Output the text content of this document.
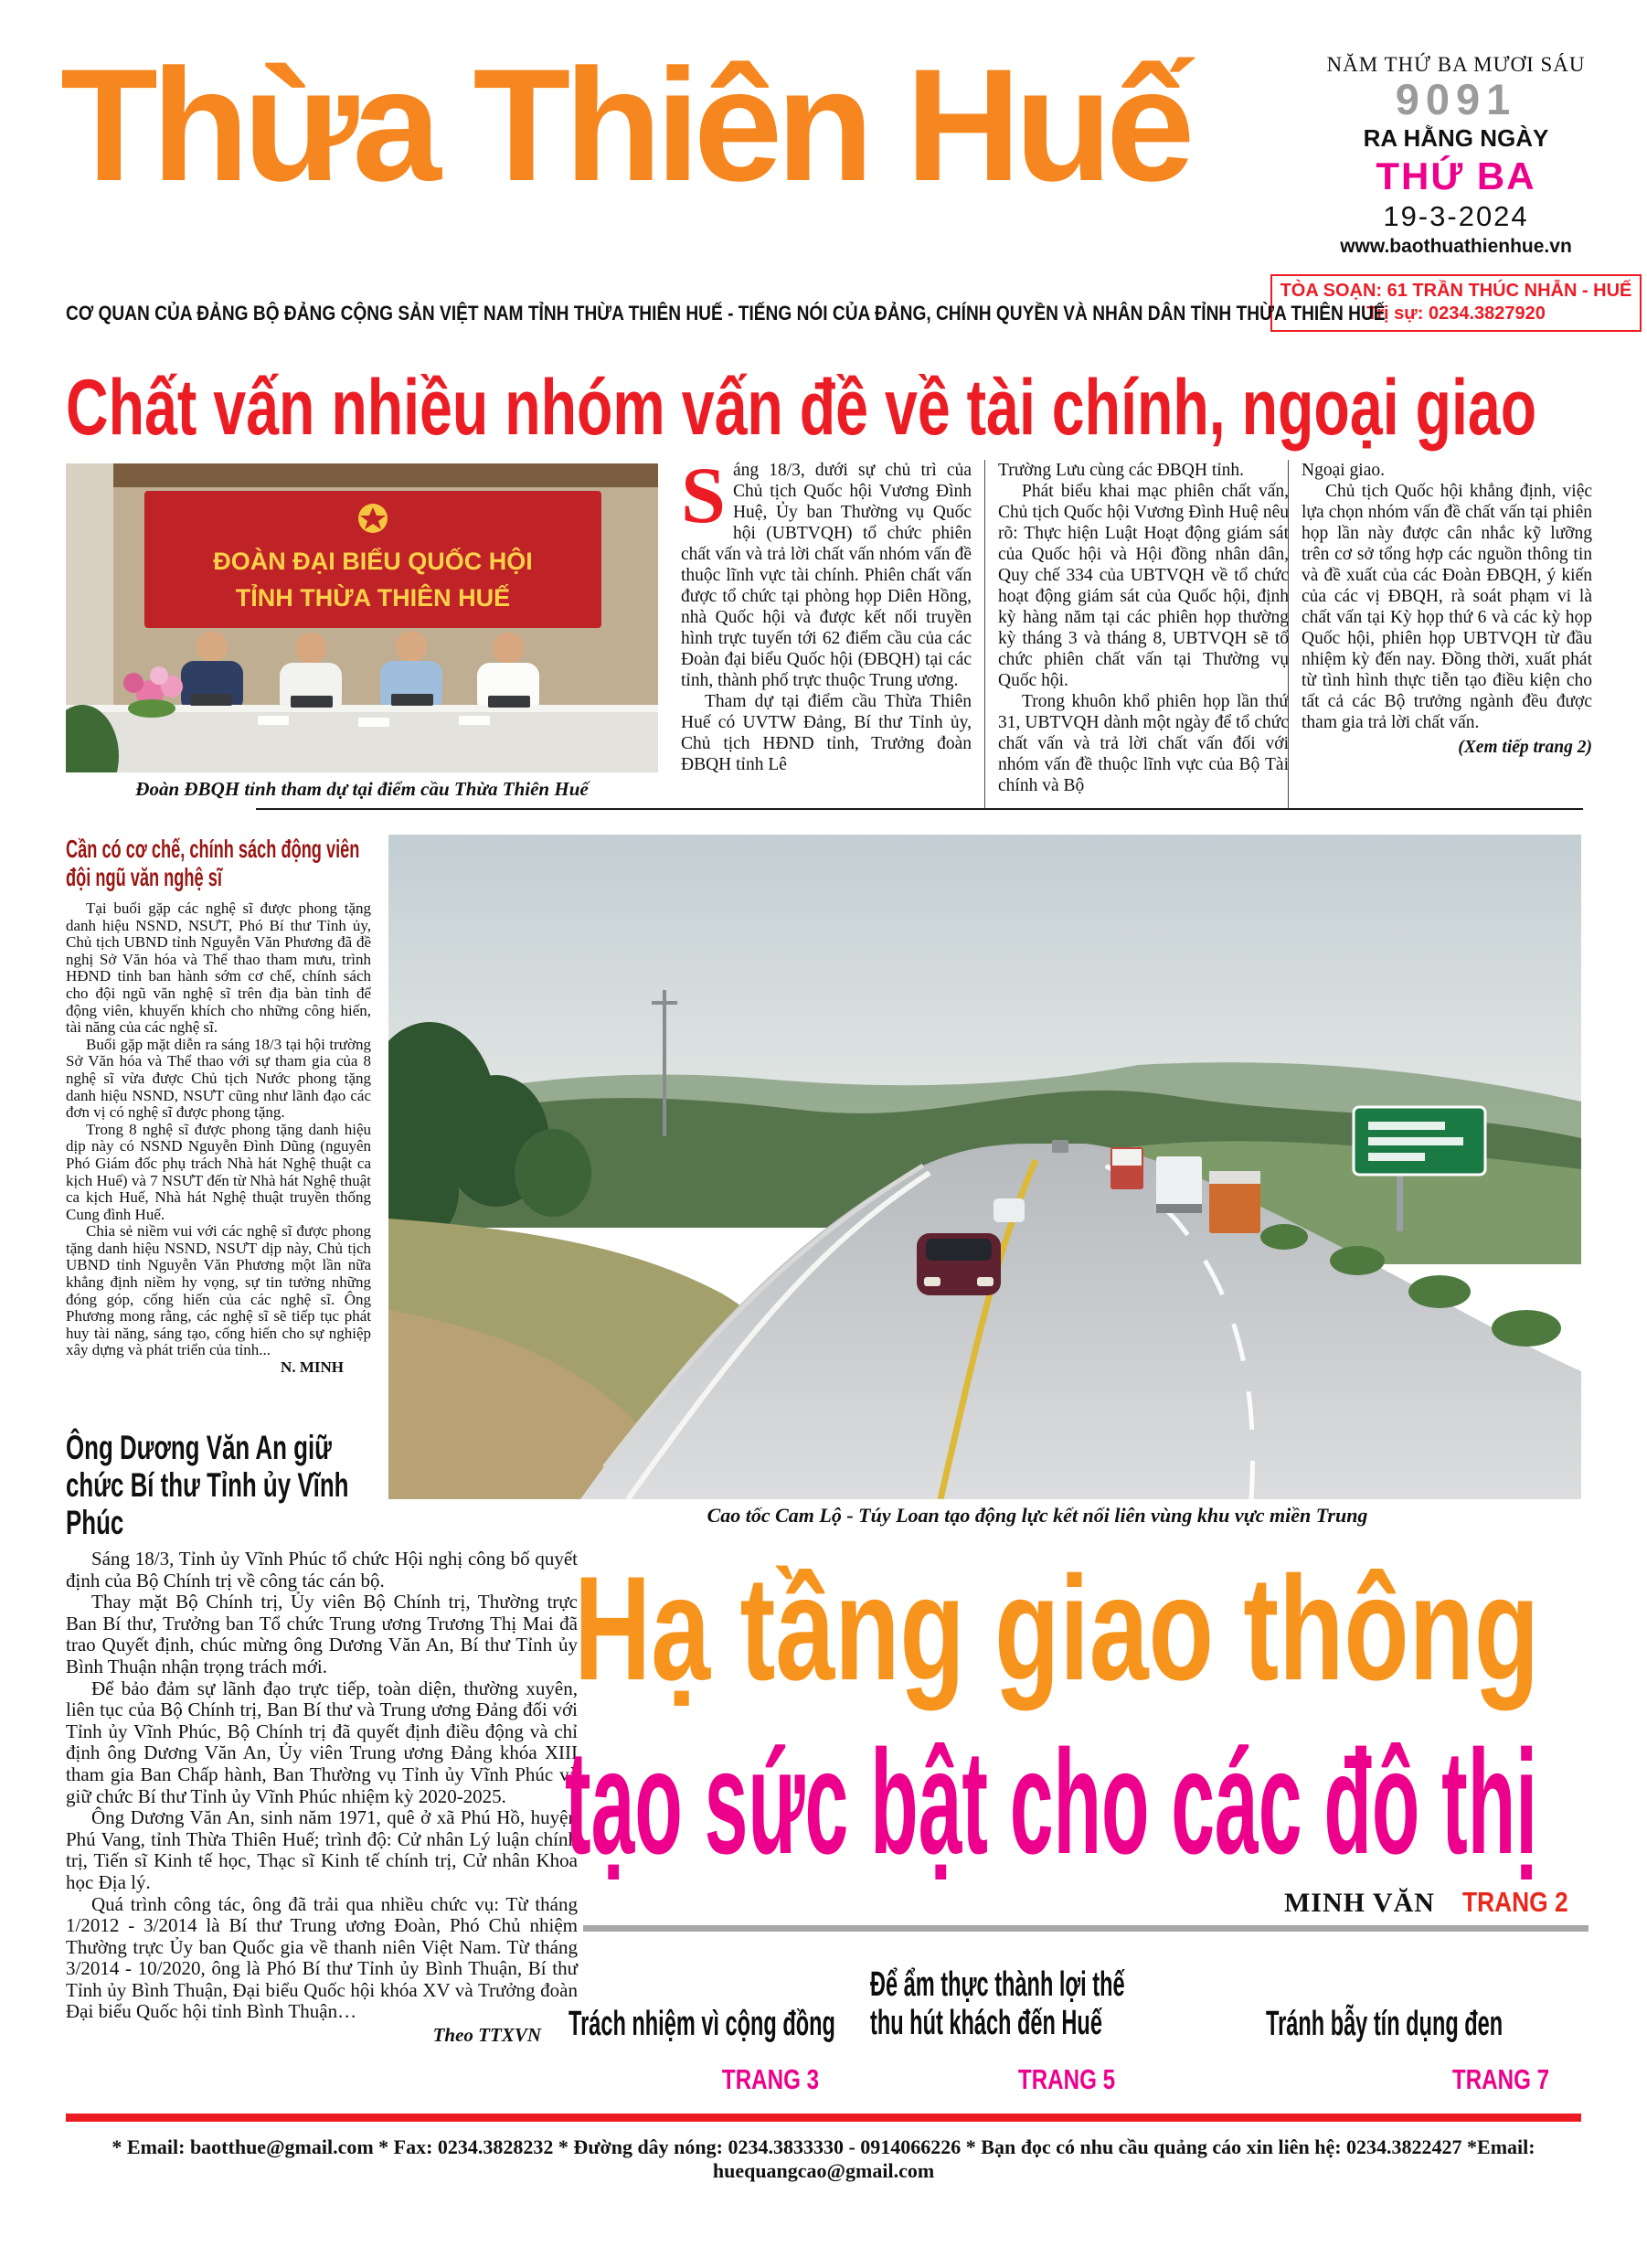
Thừa Thiên Huế	NĂM THỨ BA MƯƠI SÁU
9091
RA HẰNG NGÀY
THỨ BA
19-3-2024
www.baothuathienhue.vn
TÒA SOẠN: 61 TRẦN THÚC NHẪN - HUẾ
Trị sự: 0234.3827920
CƠ QUAN CỦA ĐẢNG BỘ ĐẢNG CỘNG SẢN VIỆT NAM TỈNH THỪA THIÊN HUẾ - TIẾNG NÓI CỦA ĐẢNG, CHÍNH QUYỀN VÀ NHÂN DÂN TỈNH THỪA THIÊN HUẾ
Chất vấn nhiều nhóm vấn đề về tài chính, ngoại giao
ĐOÀN ĐẠI BIỂU QUỐC HỘI
TỈNH THỪA THIÊN HUẾ
Đoàn ĐBQH tỉnh tham dự tại điểm cầu Thừa Thiên Huế

Sáng 18/3, dưới sự chủ trì của Chủ tịch Quốc hội Vương Đình Huệ, Ủy ban Thường vụ Quốc hội (UBTVQH) tổ chức phiên chất vấn và trả lời chất vấn nhóm vấn đề thuộc lĩnh vực tài chính. Phiên chất vấn được tổ chức tại phòng họp Diên Hồng, nhà Quốc hội và được kết nối truyền hình trực tuyến tới 62 điểm cầu của các Đoàn đại biểu Quốc hội (ĐBQH) tại các tỉnh, thành phố trực thuộc Trung ương.

Tham dự tại điểm cầu Thừa Thiên Huế có UVTW Đảng, Bí thư Tỉnh ủy, Chủ tịch HĐND tỉnh, Trưởng đoàn ĐBQH tỉnh Lê

Trường Lưu cùng các ĐBQH tỉnh.

Phát biểu khai mạc phiên chất vấn, Chủ tịch Quốc hội Vương Đình Huệ nêu rõ: Thực hiện Luật Hoạt động giám sát của Quốc hội và Hội đồng nhân dân, Quy chế 334 của UBTVQH về tổ chức hoạt động giám sát của Quốc hội, định kỳ hàng năm tại các phiên họp thường kỳ tháng 3 và tháng 8, UBTVQH sẽ tổ chức phiên chất vấn tại Thường vụ Quốc hội.

Trong khuôn khổ phiên họp lần thứ 31, UBTVQH dành một ngày để tổ chức chất vấn và trả lời chất vấn đối với nhóm vấn đề thuộc lĩnh vực của Bộ Tài chính và Bộ

Ngoại giao.

Chủ tịch Quốc hội khẳng định, việc lựa chọn nhóm vấn đề chất vấn tại phiên họp lần này được cân nhắc kỹ lưỡng trên cơ sở tổng hợp các nguồn thông tin và đề xuất của các Đoàn ĐBQH, ý kiến của các vị ĐBQH, rà soát phạm vi là chất vấn tại Kỳ họp thứ 6 và các kỳ họp Quốc hội, phiên họp UBTVQH từ đầu nhiệm kỳ đến nay. Đồng thời, xuất phát từ tình hình thực tiễn tạo điều kiện cho tất cả các Bộ trưởng ngành đều được tham gia trả lời chất vấn.

(Xem tiếp trang 2)
Cần có cơ chế, chính sách động viên đội ngũ văn nghệ sĩ

Tại buổi gặp các nghệ sĩ được phong tặng danh hiệu NSND, NSƯT, Phó Bí thư Tỉnh ủy, Chủ tịch UBND tỉnh Nguyễn Văn Phương đã đề nghị Sở Văn hóa và Thể thao tham mưu, trình HĐND tỉnh ban hành sớm cơ chế, chính sách cho đội ngũ văn nghệ sĩ trên địa bàn tỉnh để động viên, khuyến khích cho những công hiến, tài năng của các nghệ sĩ.

Buổi gặp mặt diễn ra sáng 18/3 tại hội trường Sở Văn hóa và Thể thao với sự tham gia của 8 nghệ sĩ vừa được Chủ tịch Nước phong tặng danh hiệu NSND, NSƯT cũng như lãnh đạo các đơn vị có nghệ sĩ được phong tặng.

Trong 8 nghệ sĩ được phong tặng danh hiệu dịp này có NSND Nguyễn Đình Dũng (nguyên Phó Giám đốc phụ trách Nhà hát Nghệ thuật ca kịch Huế) và 7 NSƯT đến từ Nhà hát Nghệ thuật ca kịch Huế, Nhà hát Nghệ thuật truyền thống Cung đình Huế.

Chia sẻ niềm vui với các nghệ sĩ được phong tặng danh hiệu NSND, NSƯT dịp này, Chủ tịch UBND tỉnh Nguyễn Văn Phương một lần nữa khẳng định niềm hy vọng, sự tin tưởng những đóng góp, cống hiến của các nghệ sĩ. Ông Phương mong rằng, các nghệ sĩ sẽ tiếp tục phát huy tài năng, sáng tạo, cống hiến cho sự nghiệp xây dựng và phát triển của tỉnh...

N. MINH
Ông Dương Văn An giữ chức Bí thư Tỉnh ủy Vĩnh Phúc

Sáng 18/3, Tỉnh ủy Vĩnh Phúc tổ chức Hội nghị công bố quyết định của Bộ Chính trị về công tác cán bộ.

Thay mặt Bộ Chính trị, Ủy viên Bộ Chính trị, Thường trực Ban Bí thư, Trưởng ban Tổ chức Trung ương Trương Thị Mai đã trao Quyết định, chúc mừng ông Dương Văn An, Bí thư Tỉnh ủy Bình Thuận nhận trọng trách mới.

Để bảo đảm sự lãnh đạo trực tiếp, toàn diện, thường xuyên, liên tục của Bộ Chính trị, Ban Bí thư và Trung ương Đảng đối với Tỉnh ủy Vĩnh Phúc, Bộ Chính trị đã quyết định điều động và chỉ định ông Dương Văn An, Ủy viên Trung ương Đảng khóa XIII tham gia Ban Chấp hành, Ban Thường vụ Tỉnh ủy Vĩnh Phúc và giữ chức Bí thư Tỉnh ủy Vĩnh Phúc nhiệm kỳ 2020-2025.

Ông Dương Văn An, sinh năm 1971, quê ở xã Phú Hồ, huyện Phú Vang, tỉnh Thừa Thiên Huế; trình độ: Cử nhân Lý luận chính trị, Tiến sĩ Kinh tế học, Thạc sĩ Kinh tế chính trị, Cử nhân Khoa học Địa lý.

Quá trình công tác, ông đã trải qua nhiều chức vụ: Từ tháng 1/2012 - 3/2014 là Bí thư Trung ương Đoàn, Phó Chủ nhiệm Thường trực Ủy ban Quốc gia về thanh niên Việt Nam. Từ tháng 3/2014 - 10/2020, ông là Phó Bí thư Tỉnh ủy Bình Thuận, Bí thư Tỉnh ủy Bình Thuận, Đại biểu Quốc hội khóa XV và Trưởng đoàn Đại biểu Quốc hội tỉnh Bình Thuận…

Theo TTXVN
Cao tốc Cam Lộ - Túy Loan tạo động lực kết nối liên vùng khu vực miền Trung
Hạ tầng giao thông
tạo sức bật cho các đô thị
MINH VĂN TRANG 2
Trách nhiệm vì cộng đồng
TRANG 3
Để ẩm thực thành lợi thế
thu hút khách đến Huế
TRANG 5
Tránh bẫy tín dụng đen
TRANG 7
* Email: baotthue@gmail.com * Fax: 0234.3828232 * Đường dây nóng: 0234.3833330 - 0914066226 * Bạn đọc có nhu cầu quảng cáo xin liên hệ: 0234.3822427 *Email: huequangcao@gmail.com
